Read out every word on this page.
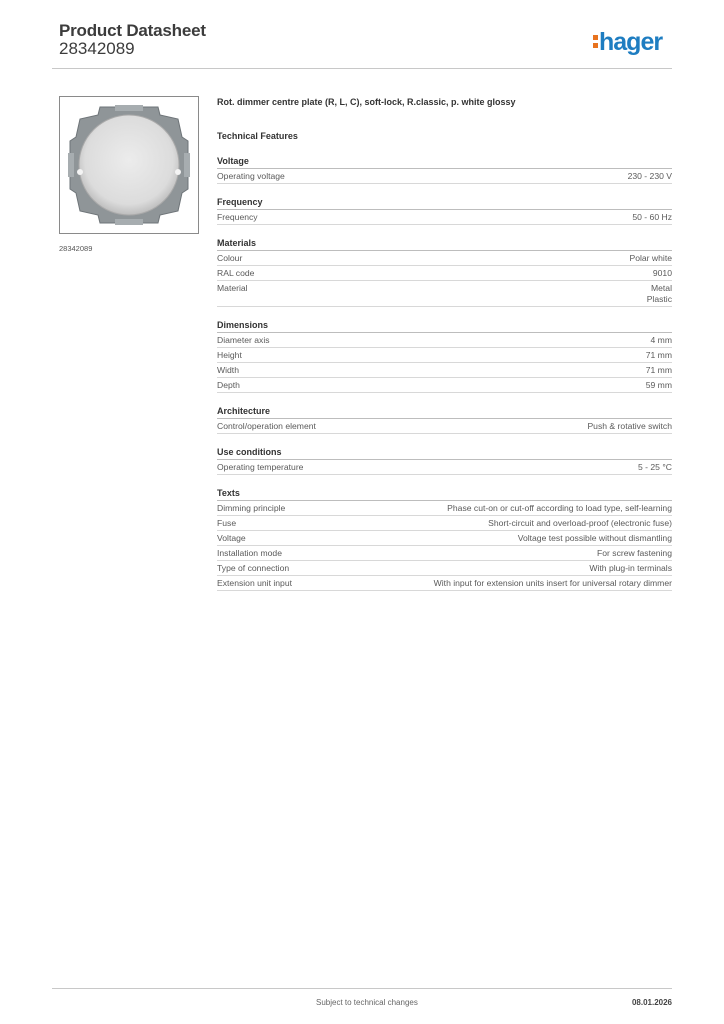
Product Datasheet
28342089	hager
28342089
Rot. dimmer centre plate (R, L, C), soft-lock, R.classic, p. white glossy
Technical Features
Voltage
Operating voltage	230 - 230 V
Frequency
Frequency	50 - 60 Hz
Materials
Colour	Polar white
RAL code	9010
Material	Metal
Plastic
Dimensions
Diameter axis	4 mm
Height	71 mm
Width	71 mm
Depth	59 mm
Architecture
Control/operation element	Push & rotative switch
Use conditions
Operating temperature	5 - 25 °C
Texts
Dimming principle	Phase cut-on or cut-off according to load type, self-learning
Fuse	Short-circuit and overload-proof (electronic fuse)
Voltage	Voltage test possible without dismantling
Installation mode	For screw fastening
Type of connection	With plug-in terminals
Extension unit input	With input for extension units insert for universal rotary dimmer
Subject to technical changes	08.01.2026
